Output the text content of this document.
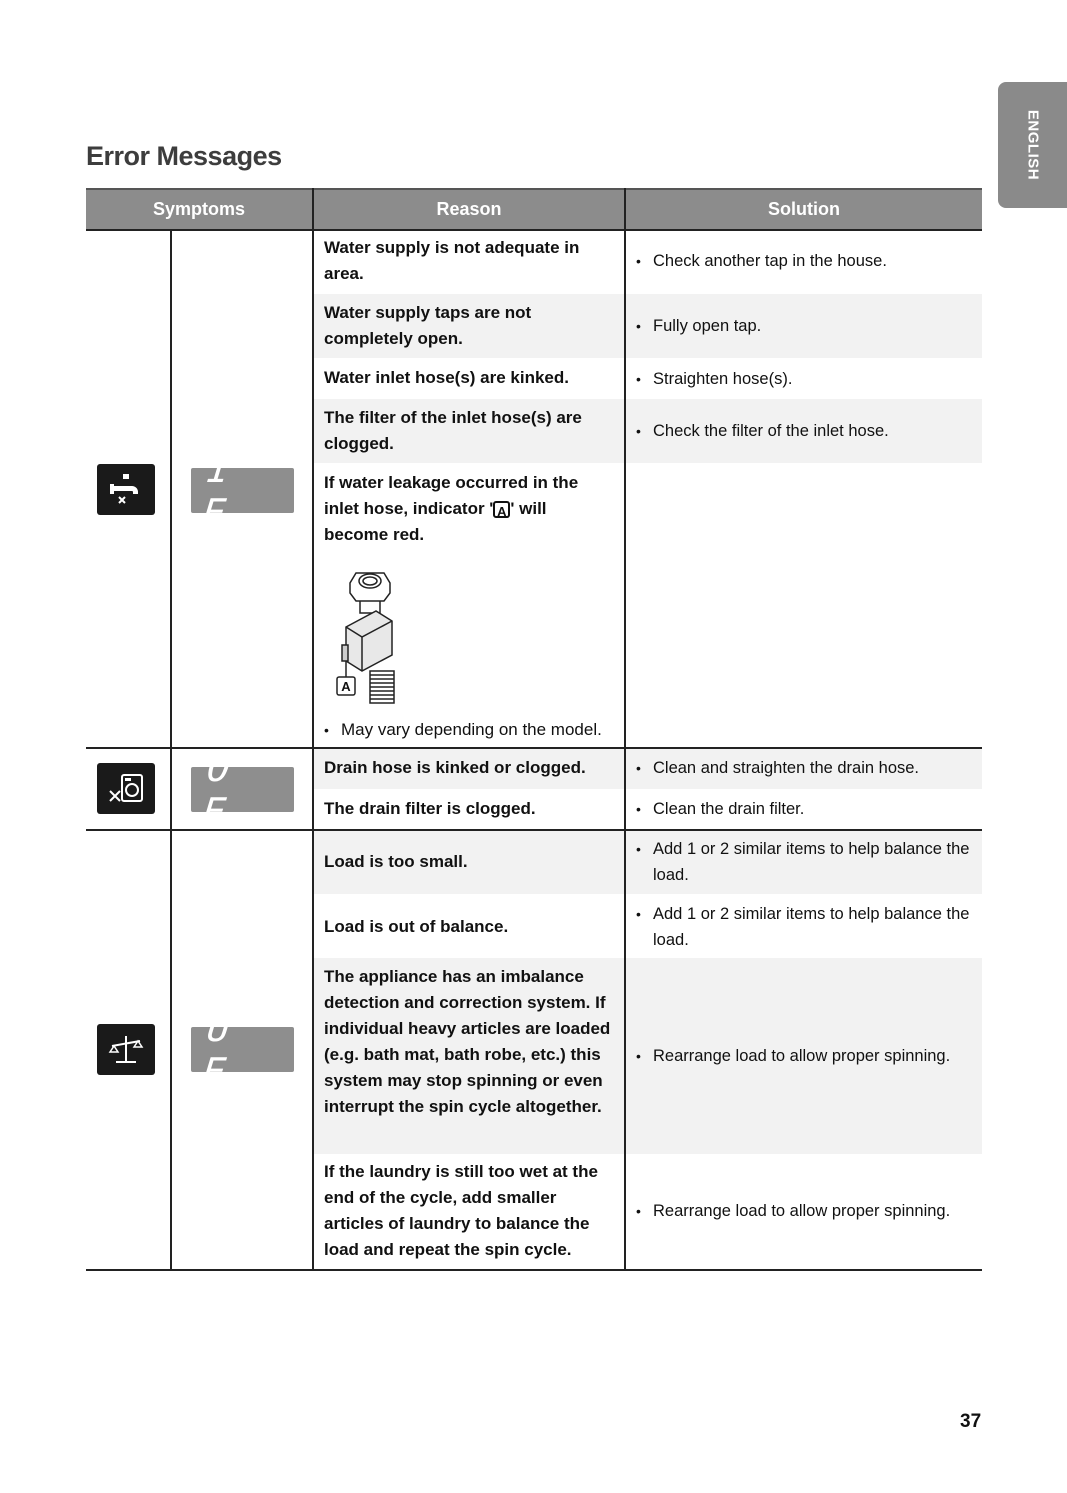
ENGLISH
Error Messages
Symptoms	Reason	Solution
I E
Water supply is not adequate in area.
Water supply taps are not completely open.
Water inlet hose(s) are kinked.
The filter of the inlet hose(s) are clogged.
If water leakage occurred in the inlet hose, indicator ' A ' will become red.
A
• May vary depending on the model.
• Check another tap in the house.
• Fully open tap.
• Straighten hose(s).
• Check the filter of the inlet hose.
O E
Drain hose is kinked or clogged.
The drain filter is clogged.
• Clean and straighten the drain hose.
• Clean the drain filter.
U E
Load is too small.
Load is out of balance.
The appliance has an imbalance detection and correction system. If individual heavy articles are loaded (e.g. bath mat, bath robe, etc.) this system may stop spinning or even interrupt the spin cycle altogether.
If the laundry is still too wet at the end of the cycle, add smaller articles of laundry to balance the load and repeat the spin cycle.
• Add 1 or 2 similar items to help balance the load.
• Add 1 or 2 similar items to help balance the load.
• Rearrange load to allow proper spinning.
• Rearrange load to allow proper spinning.
37
